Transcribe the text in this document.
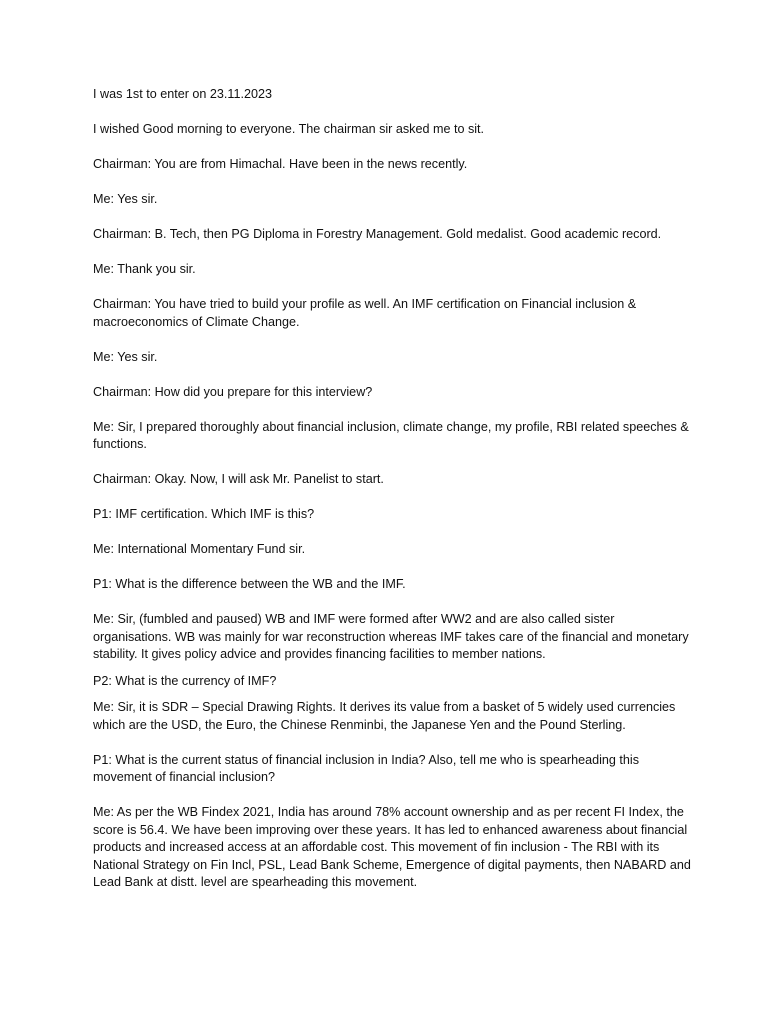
I was 1st to enter on 23.11.2023

I wished Good morning to everyone. The chairman sir asked me to sit.

Chairman: You are from Himachal. Have been in the news recently.

Me: Yes sir.

Chairman: B. Tech, then PG Diploma in Forestry Management. Gold medalist. Good academic record.

Me: Thank you sir.

Chairman: You have tried to build your profile as well. An IMF certification on Financial inclusion & macroeconomics of Climate Change.

Me: Yes sir.

Chairman: How did you prepare for this interview?

Me: Sir, I prepared thoroughly about financial inclusion, climate change, my profile, RBI related speeches & functions.

Chairman: Okay. Now, I will ask Mr. Panelist to start.

P1: IMF certification. Which IMF is this?

Me: International Momentary Fund sir.

P1: What is the difference between the WB and the IMF.

Me: Sir, (fumbled and paused) WB and IMF were formed after WW2 and are also called sister organisations. WB was mainly for war reconstruction whereas IMF takes care of the financial and monetary stability. It gives policy advice and provides financing facilities to member nations.

P2: What is the currency of IMF?

Me: Sir, it is SDR – Special Drawing Rights. It derives its value from a basket of 5 widely used currencies which are the USD, the Euro, the Chinese Renminbi, the Japanese Yen and the Pound Sterling.

P1: What is the current status of financial inclusion in India? Also, tell me who is spearheading this movement of financial inclusion?

Me: As per the WB Findex 2021, India has around 78% account ownership and as per recent FI Index, the score is 56.4. We have been improving over these years. It has led to enhanced awareness about financial products and increased access at an affordable cost. This movement of fin inclusion - The RBI with its National Strategy on Fin Incl, PSL, Lead Bank Scheme, Emergence of digital payments, then NABARD and Lead Bank at distt. level are spearheading this movement.
